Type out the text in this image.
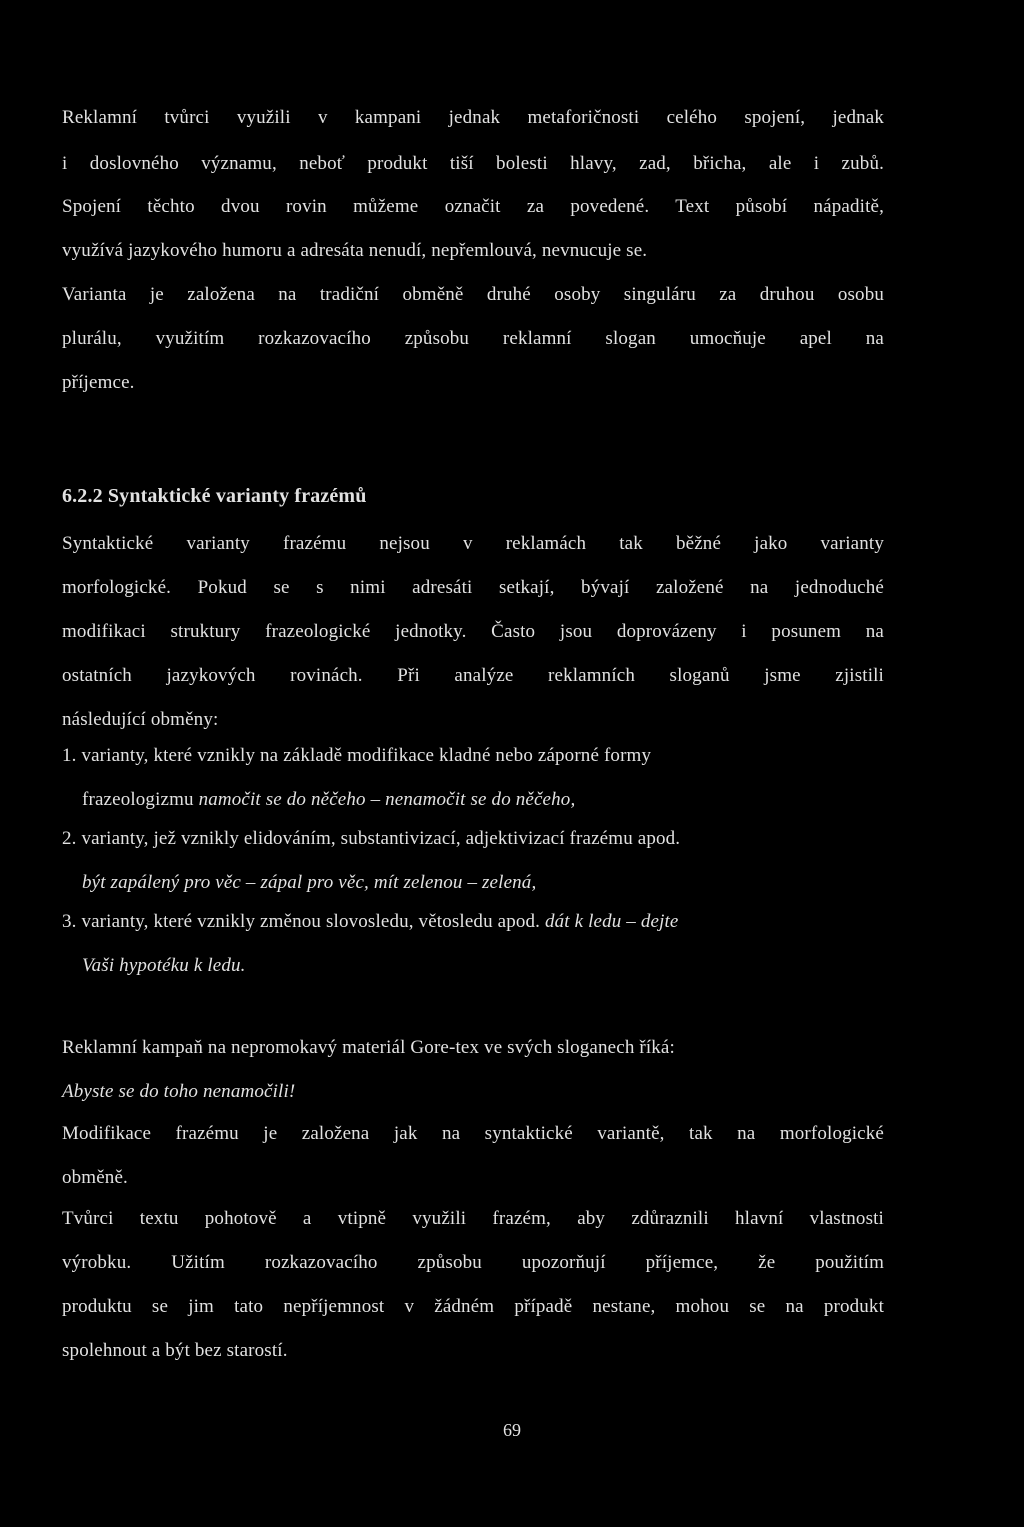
Reklamní tvůrci využili v kampani jednak metaforičnosti celého spojení, jednak
i doslovného významu, neboť produkt tiší bolesti hlavy, zad, břicha, ale i zubů.
Spojení těchto dvou rovin můžeme označit za povedené. Text působí nápaditě,
využívá jazykového humoru a adresáta nenudí, nepřemlouvá, nevnucuje se.
Varianta je založena na tradiční obměně druhé osoby singuláru za druhou osobu
plurálu, využitím rozkazovacího způsobu reklamní slogan umocňuje apel na
příjemce.
6.2.2 Syntaktické varianty frazémů
Syntaktické varianty frazému nejsou v reklamách tak běžné jako varianty
morfologické. Pokud se s nimi adresáti setkají, bývají založené na jednoduché
modifikaci struktury frazeologické jednotky. Často jsou doprovázeny i posunem na
ostatních jazykových rovinách. Při analýze reklamních sloganů jsme zjistili
následující obměny:
1. varianty, které vznikly na základě modifikace kladné nebo záporné formy
frazeologizmu namočit se do něčeho – nenamočit se do něčeho,
2. varianty, jež vznikly elidováním, substantivizací, adjektivizací frazému apod.
být zapálený pro věc – zápal pro věc, mít zelenou – zelená,
3. varianty, které vznikly změnou slovosledu, větosledu apod. dát k ledu – dejte
Vaši hypotéku k ledu.
Reklamní kampaň na nepromokavý materiál Gore-tex ve svých sloganech říká:
Abyste se do toho nenamočili!
Modifikace frazému je založena jak na syntaktické variantě, tak na morfologické
obměně.
Tvůrci textu pohotově a vtipně využili frazém, aby zdůraznili hlavní vlastnosti
výrobku. Užitím rozkazovacího způsobu upozorňují příjemce, že použitím
produktu se jim tato nepříjemnost v žádném případě nestane, mohou se na produkt
spolehnout a být bez starostí.
69
